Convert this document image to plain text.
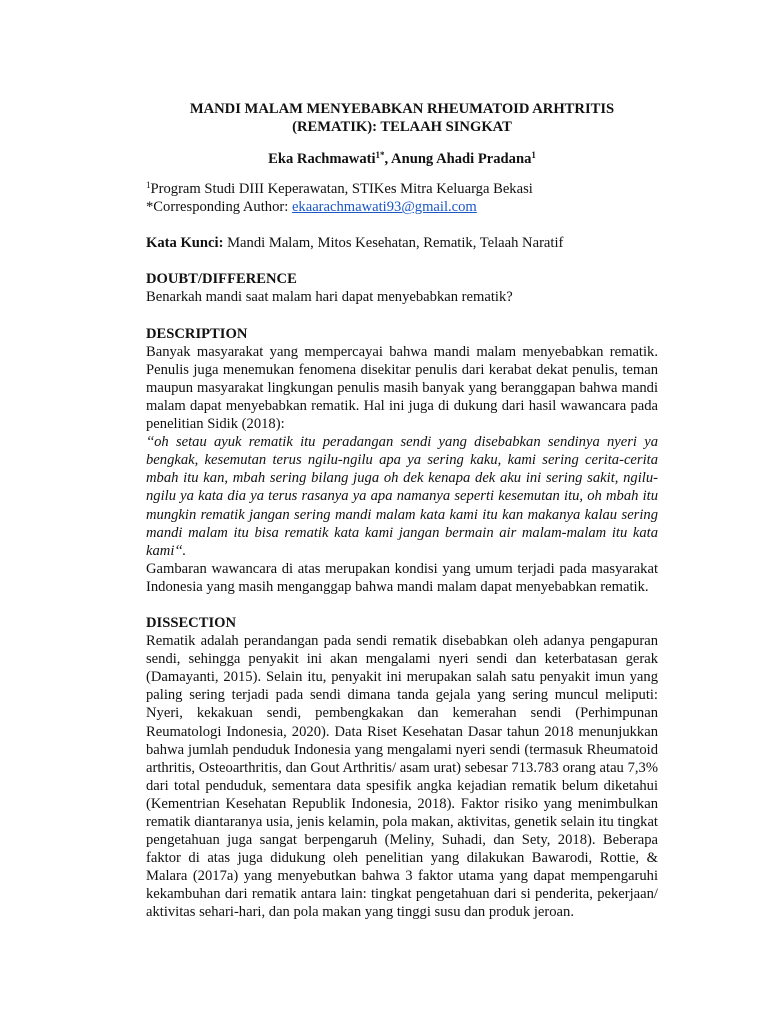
MANDI MALAM MENYEBABKAN RHEUMATOID ARHTRITIS
(REMATIK): TELAAH SINGKAT
Eka Rachmawati$^{1*}$, Anung Ahadi Pradana$^1$
$^1$Program Studi DIII Keperawatan, STIKes Mitra Keluarga Bekasi
*Corresponding Author: ekaarachmawati93@gmail.com
Kata Kunci: Mandi Malam, Mitos Kesehatan, Rematik, Telaah Naratif
DOUBT/DIFFERENCE

Benarkah mandi saat malam hari dapat menyebabkan rematik?

DESCRIPTION

Banyak masyarakat yang mempercayai bahwa mandi malam menyebabkan rematik. Penulis juga menemukan fenomena disekitar penulis dari kerabat dekat penulis, teman maupun masyarakat lingkungan penulis masih banyak yang beranggapan bahwa mandi malam dapat menyebabkan rematik. Hal ini juga di dukung dari hasil wawancara pada penelitian Sidik (2018):

‘‘oh setau ayuk rematik itu peradangan sendi yang disebabkan sendinya nyeri ya bengkak, kesemutan terus ngilu-ngilu apa ya sering kaku, kami sering cerita-cerita mbah itu kan, mbah sering bilang juga oh dek kenapa dek aku ini sering sakit, ngilu-ngilu ya kata dia ya terus rasanya ya apa namanya seperti kesemutan itu, oh mbah itu mungkin rematik jangan sering mandi malam kata kami itu kan makanya kalau sering mandi malam itu bisa rematik kata kami jangan bermain air malam-malam itu kata kami‘‘.

Gambaran wawancara di atas merupakan kondisi yang umum terjadi pada masyarakat Indonesia yang masih menganggap bahwa mandi malam dapat menyebabkan rematik.

DISSECTION

Rematik adalah perandangan pada sendi rematik disebabkan oleh adanya pengapuran sendi, sehingga penyakit ini akan mengalami nyeri sendi dan keterbatasan gerak (Damayanti, 2015). Selain itu, penyakit ini merupakan salah satu penyakit imun yang paling sering terjadi pada sendi dimana tanda gejala yang sering muncul meliputi: Nyeri, kekakuan sendi, pembengkakan dan kemerahan sendi (Perhimpunan Reumatologi Indonesia, 2020). Data Riset Kesehatan Dasar tahun 2018 menunjukkan bahwa jumlah penduduk Indonesia yang mengalami nyeri sendi (termasuk Rheumatoid arthritis, Osteoarthritis, dan Gout Arthritis/ asam urat) sebesar 713.783 orang atau 7,3% dari total penduduk, sementara data spesifik angka kejadian rematik belum diketahui (Kementrian Kesehatan Republik Indonesia, 2018). Faktor risiko yang menimbulkan rematik diantaranya usia, jenis kelamin, pola makan, aktivitas, genetik selain itu tingkat pengetahuan juga sangat berpengaruh (Meliny, Suhadi, dan Sety, 2018). Beberapa faktor di atas juga didukung oleh penelitian yang dilakukan Bawarodi, Rottie, & Malara (2017a) yang menyebutkan bahwa 3 faktor utama yang dapat mempengaruhi kekambuhan dari rematik antara lain: tingkat pengetahuan dari si penderita, pekerjaan/ aktivitas sehari-hari, dan pola makan yang tinggi susu dan produk jeroan.
